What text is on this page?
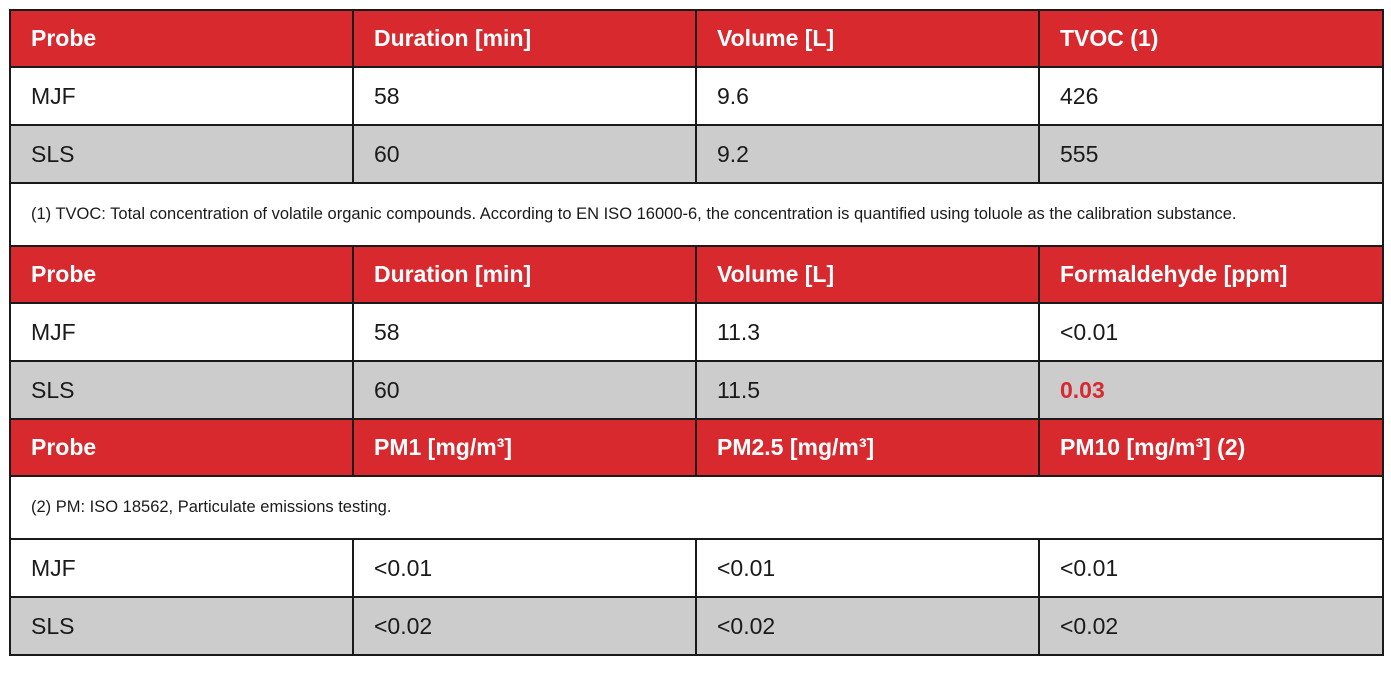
Probe	Duration [min]	Volume [L]	TVOC (1)
MJF	58	9.6	426
SLS	60	9.2	555
(1) TVOC: Total concentration of volatile organic compounds. According to EN ISO 16000-6, the concentration is quantified using toluole as the calibration substance.			
Probe	Duration [min]	Volume [L]	Formaldehyde [ppm]
MJF	58	11.3	<0.01
SLS	60	11.5	0.03
Probe	PM1 [mg/m³]	PM2.5 [mg/m³]	PM10 [mg/m³] (2)
(2) PM: ISO 18562, Particulate emissions testing.			
MJF	<0.01	<0.01	<0.01
SLS	<0.02	<0.02	<0.02
